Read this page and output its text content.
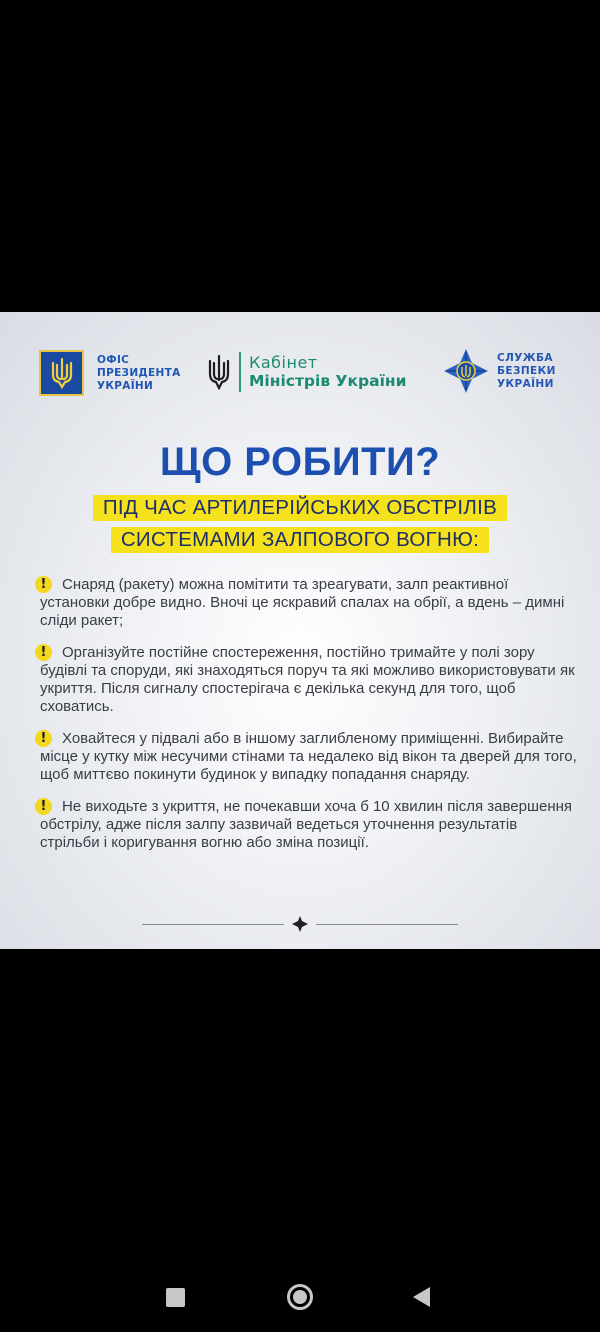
ОФІС
ПРЕЗИДЕНТА
УКРАЇНИ
Кабінет
Міністрів України
СЛУЖБА
БЕЗПЕКИ
УКРАЇНИ
ЩО РОБИТИ?
ПІД ЧАС АРТИЛЕРІЙСЬКИХ ОБСТРІЛІВ
СИСТЕМАМИ ЗАЛПОВОГО ВОГНЮ:
!	Снаряд (ракету) можна помітити та зреагувати, залп реактивної установки добре видно. Вночі це яскравий спалах на обрії, а вдень – димні сліди ракет;

!	Організуйте постійне спостереження, постійно тримайте у полі зору будівлі та споруди, які знаходяться поруч та які можливо використовувати як укриття. Після сигналу спостерігача є декілька секунд для того, щоб сховатись.

!	Ховайтеся у підвалі або в іншому заглибленому приміщенні. Вибирайте місце у кутку між несучими стінами та недалеко від вікон та дверей для того, щоб миттєво покинути будинок у випадку попадання снаряду.

!	Не виходьте з укриття, не почекавши хоча б 10 хвилин після завершення обстрілу, адже після залпу зазвичай ведеться уточнення результатів стрільби і коригування вогню або зміна позиції.
